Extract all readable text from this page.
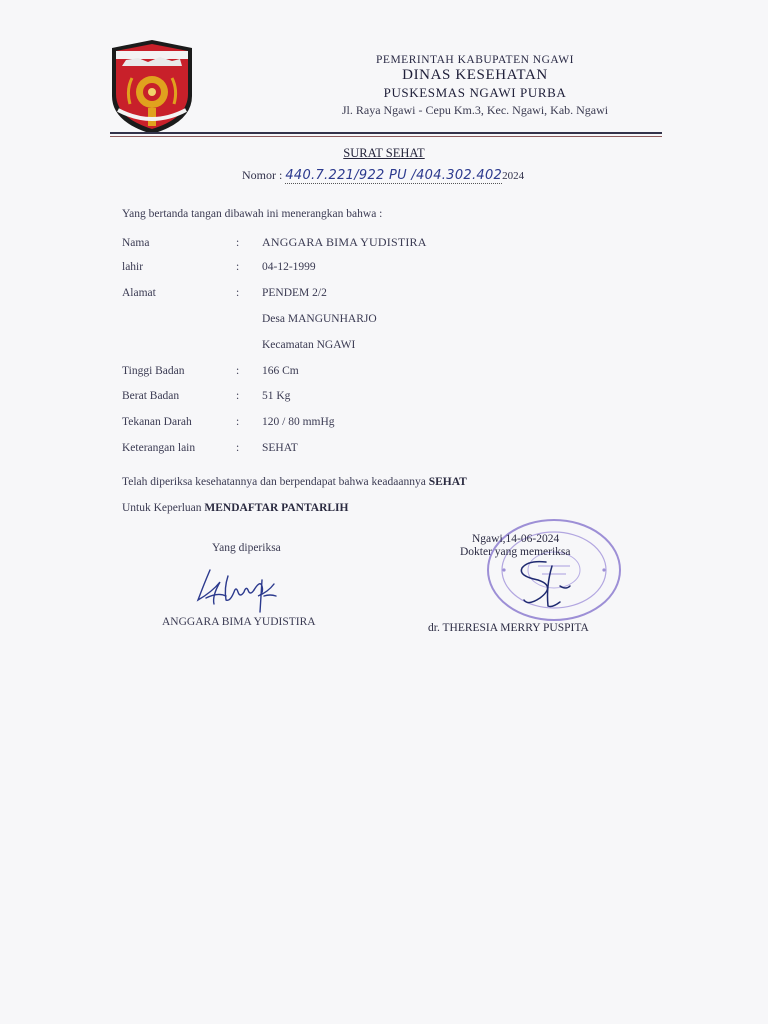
PEMERINTAH KABUPATEN NGAWI
DINAS KESEHATAN
PUSKESMAS NGAWI PURBA
Jl. Raya Ngawi - Cepu Km.3, Kec. Ngawi, Kab. Ngawi
SURAT SEHAT
Nomor : 440.7.221/922 PU /404.302.4022024
Yang bertanda tangan dibawah ini menerangkan bahwa :
Nama	: ANGGARA BIMA YUDISTIRA
lahir	: 04-12-1999
Alamat	: PENDEM 2/2
Desa MANGUNHARJO
Kecamatan NGAWI
Tinggi Badan	: 166 Cm
Berat Badan	: 51 Kg
Tekanan Darah	: 120 / 80 mmHg
Keterangan lain	: SEHAT
Telah diperiksa kesehatannya dan berpendapat bahwa keadaannya SEHAT
Untuk Keperluan MENDAFTAR PANTARLIH
Yang diperiksa
ANGGARA BIMA YUDISTIRA
Ngawi,14-06-2024
Dokter yang memeriksa
dr. THERESIA MERRY PUSPITA
